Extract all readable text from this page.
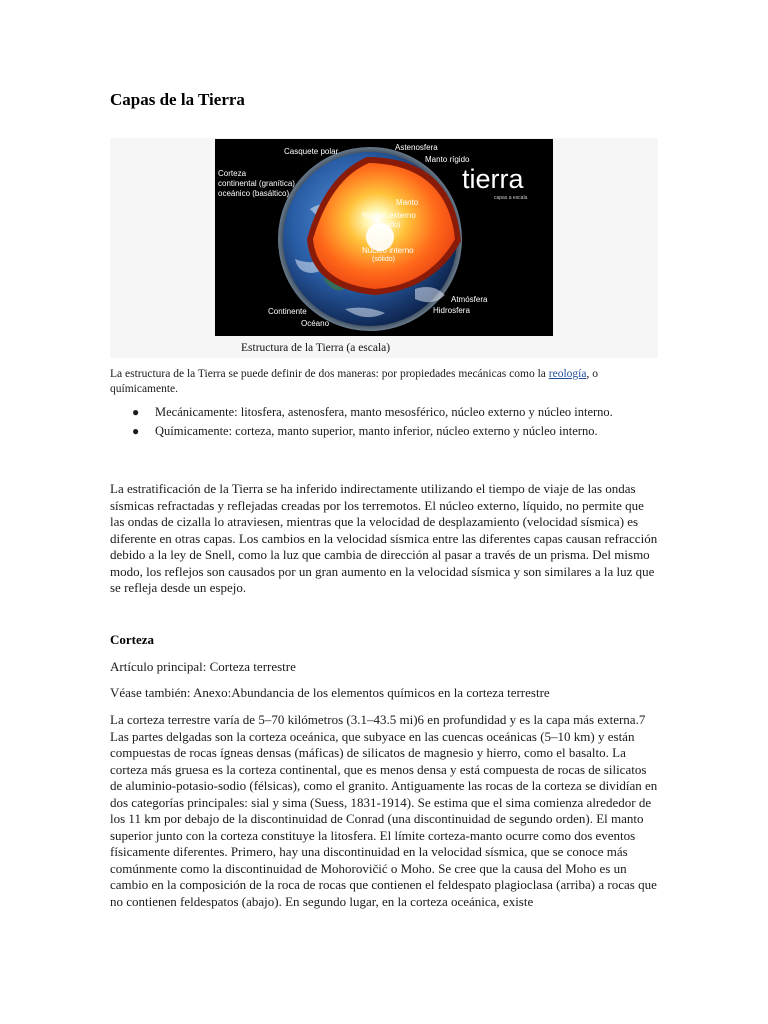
Capas de la Tierra
Casquete polar	Astenosfera
Manto rígido
Corteza
continental (granítica)
oceánico (basáltico)	tierra
capas a escala
Manto
Núcleo externo
(líquido)
Núcleo interno
(sólido)
Atmósfera
Hidrosfera
Continente
Océano
Estructura de la Tierra (a escala)

La estructura de la Tierra se puede definir de dos maneras: por propiedades mecánicas como la reología, o químicamente.

● Mecánicamente: litosfera, astenosfera, manto mesosférico, núcleo externo y núcleo interno.
● Químicamente: corteza, manto superior, manto inferior, núcleo externo y núcleo interno.

La estratificación de la Tierra se ha inferido indirectamente utilizando el tiempo de viaje de las ondas sísmicas refractadas y reflejadas creadas por los terremotos. El núcleo externo, líquido, no permite que las ondas de cizalla lo atraviesen, mientras que la velocidad de desplazamiento (velocidad sísmica) es diferente en otras capas. Los cambios en la velocidad sísmica entre las diferentes capas causan refracción debido a la ley de Snell, como la luz que cambia de dirección al pasar a través de un prisma. Del mismo modo, los reflejos son causados por un gran aumento en la velocidad sísmica y son similares a la luz que se refleja desde un espejo.

Corteza

Artículo principal: Corteza terrestre

Véase también: Anexo:Abundancia de los elementos químicos en la corteza terrestre

La corteza terrestre varía de 5–70 kilómetros (3.1–43.5 mi)6 en profundidad y es la capa más externa.7 Las partes delgadas son la corteza oceánica, que subyace en las cuencas oceánicas (5–10 km) y están compuestas de rocas ígneas densas (máficas) de silicatos de magnesio y hierro, como el basalto. La corteza más gruesa es la corteza continental, que es menos densa y está compuesta de rocas de silicatos de aluminio-potasio-sodio (félsicas), como el granito. Antiguamente las rocas de la corteza se dividían en dos categorías principales: sial y sima (Suess, 1831-1914). Se estima que el sima comienza alrededor de los 11 km por debajo de la discontinuidad de Conrad (una discontinuidad de segundo orden). El manto superior junto con la corteza constituye la litosfera. El límite corteza-manto ocurre como dos eventos físicamente diferentes. Primero, hay una discontinuidad en la velocidad sísmica, que se conoce más comúnmente como la discontinuidad de Mohorovičić o Moho. Se cree que la causa del Moho es un cambio en la composición de la roca de rocas que contienen el feldespato plagioclasa (arriba) a rocas que no contienen feldespatos (abajo). En segundo lugar, en la corteza oceánica, existe
